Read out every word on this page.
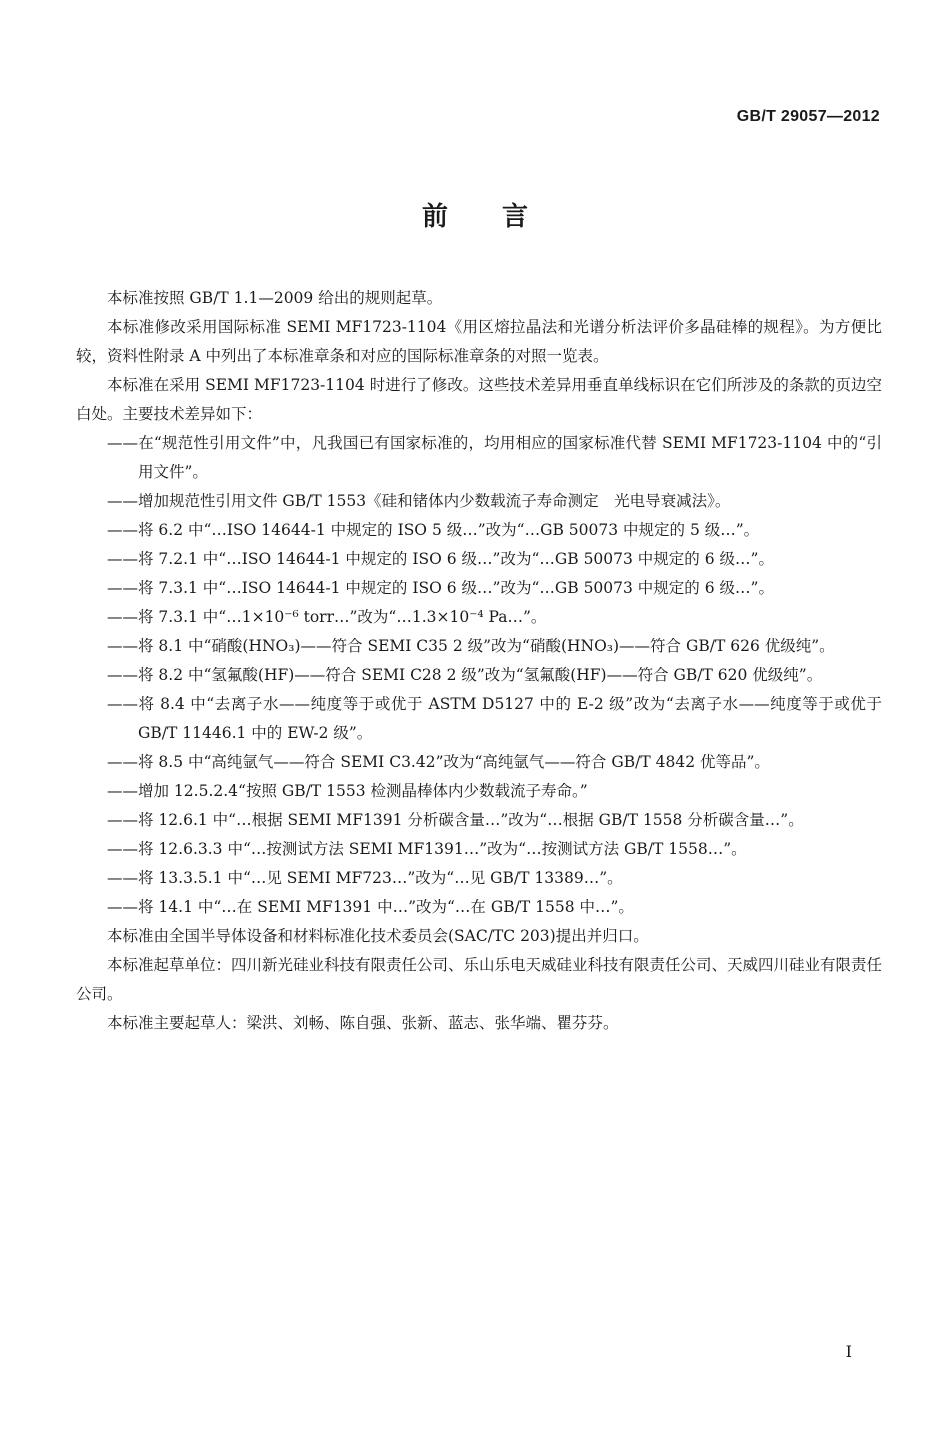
GB/T 29057—2012
前言

本标准按照 GB/T 1.1—2009 给出的规则起草。

本标准修改采用国际标准 SEMI MF1723-1104《用区熔拉晶法和光谱分析法评价多晶硅棒的规程》。为方便比较，资料性附录 A 中列出了本标准章条和对应的国际标准章条的对照一览表。

本标准在采用 SEMI MF1723-1104 时进行了修改。这些技术差异用垂直单线标识在它们所涉及的条款的页边空白处。主要技术差异如下：

——在“规范性引用文件”中，凡我国已有国家标准的，均用相应的国家标准代替 SEMI MF1723-1104 中的“引用文件”。

——增加规范性引用文件 GB/T 1553《硅和锗体内少数载流子寿命测定　光电导衰减法》。

——将 6.2 中“…ISO 14644-1 中规定的 ISO 5 级…”改为“…GB 50073 中规定的 5 级…”。

——将 7.2.1 中“…ISO 14644-1 中规定的 ISO 6 级…”改为“…GB 50073 中规定的 6 级…”。

——将 7.3.1 中“…ISO 14644-1 中规定的 ISO 6 级…”改为“…GB 50073 中规定的 6 级…”。

——将 7.3.1 中“…1×10⁻⁶ torr…”改为“…1.3×10⁻⁴ Pa…”。

——将 8.1 中“硝酸(HNO₃)——符合 SEMI C35 2 级”改为“硝酸(HNO₃)——符合 GB/T 626 优级纯”。

——将 8.2 中“氢氟酸(HF)——符合 SEMI C28 2 级”改为“氢氟酸(HF)——符合 GB/T 620 优级纯”。

——将 8.4 中“去离子水——纯度等于或优于 ASTM D5127 中的 E-2 级”改为“去离子水——纯度等于或优于 GB/T 11446.1 中的 EW-2 级”。

——将 8.5 中“高纯氩气——符合 SEMI C3.42”改为“高纯氩气——符合 GB/T 4842 优等品”。

——增加 12.5.2.4“按照 GB/T 1553 检测晶棒体内少数载流子寿命。”

——将 12.6.1 中“…根据 SEMI MF1391 分析碳含量…”改为“…根据 GB/T 1558 分析碳含量…”。

——将 12.6.3.3 中“…按测试方法 SEMI MF1391…”改为“…按测试方法 GB/T 1558…”。

——将 13.3.5.1 中“…见 SEMI MF723…”改为“…见 GB/T 13389…”。

——将 14.1 中“…在 SEMI MF1391 中…”改为“…在 GB/T 1558 中…”。

本标准由全国半导体设备和材料标准化技术委员会(SAC/TC 203)提出并归口。

本标准起草单位：四川新光硅业科技有限责任公司、乐山乐电天威硅业科技有限责任公司、天威四川硅业有限责任公司。

本标准主要起草人：梁洪、刘畅、陈自强、张新、蓝志、张华端、瞿芬芬。

I
